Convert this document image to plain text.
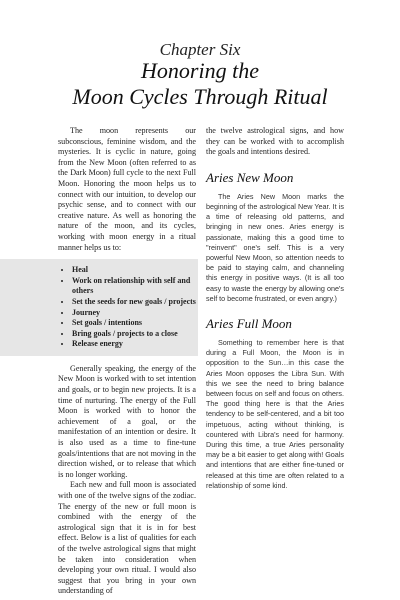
Chapter Six
Honoring the
Moon Cycles Through Ritual

The moon represents our subconscious, feminine wisdom, and the mysteries. It is cyclic in nature, going from the New Moon (often referred to as the Dark Moon) full cycle to the next Full Moon. Honoring the moon helps us to connect with our intuition, to develop our psychic sense, and to connect with our creative nature. As well as honoring the nature of the moon, and its cycles, working with moon energy in a ritual manner helps us to:

• Heal
• Work on relationship with self and others
• Set the seeds for new goals / projects
• Journey
• Set goals / intentions
• Bring goals / projects to a close
• Release energy

Generally speaking, the energy of the New Moon is worked with to set intention and goals, or to begin new projects. It is a time of nurturing. The energy of the Full Moon is worked with to honor the achievement of a goal, or the manifestation of an intention or desire. It is also used as a time to fine-tune goals/intentions that are not moving in the direction wished, or to release that which is no longer working.

Each new and full moon is associated with one of the twelve signs of the zodiac. The energy of the new or full moon is combined with the energy of the astrological sign that it is in for best effect. Below is a list of qualities for each of the twelve astrological signs that might be taken into consideration when developing your own ritual. I would also suggest that you bring in your own understanding of

the twelve astrological signs, and how they can be worked with to accomplish the goals and intentions desired.

Aries New Moon

The Aries New Moon marks the beginning of the astrological New Year. It is a time of releasing old patterns, and bringing in new ones. Aries energy is passionate, making this a good time to "reinvent" one's self. This is a very powerful New Moon, so attention needs to be paid to staying calm, and channeling this energy in positive ways. (It is all too easy to waste the energy by allowing one's self to become frustrated, or even angry.)

Aries Full Moon

Something to remember here is that during a Full Moon, the Moon is in opposition to the Sun…in this case the Aries Moon opposes the Libra Sun. With this we see the need to bring balance between focus on self and focus on others. The good thing here is that the Aries tendency to be self-centered, and a bit too impetuous, acting without thinking, is countered with Libra's need for harmony. During this time, a true Aries personality may be a bit easier to get along with! Goals and intentions that are either fine-tuned or released at this time are often related to a relationship of some kind.
